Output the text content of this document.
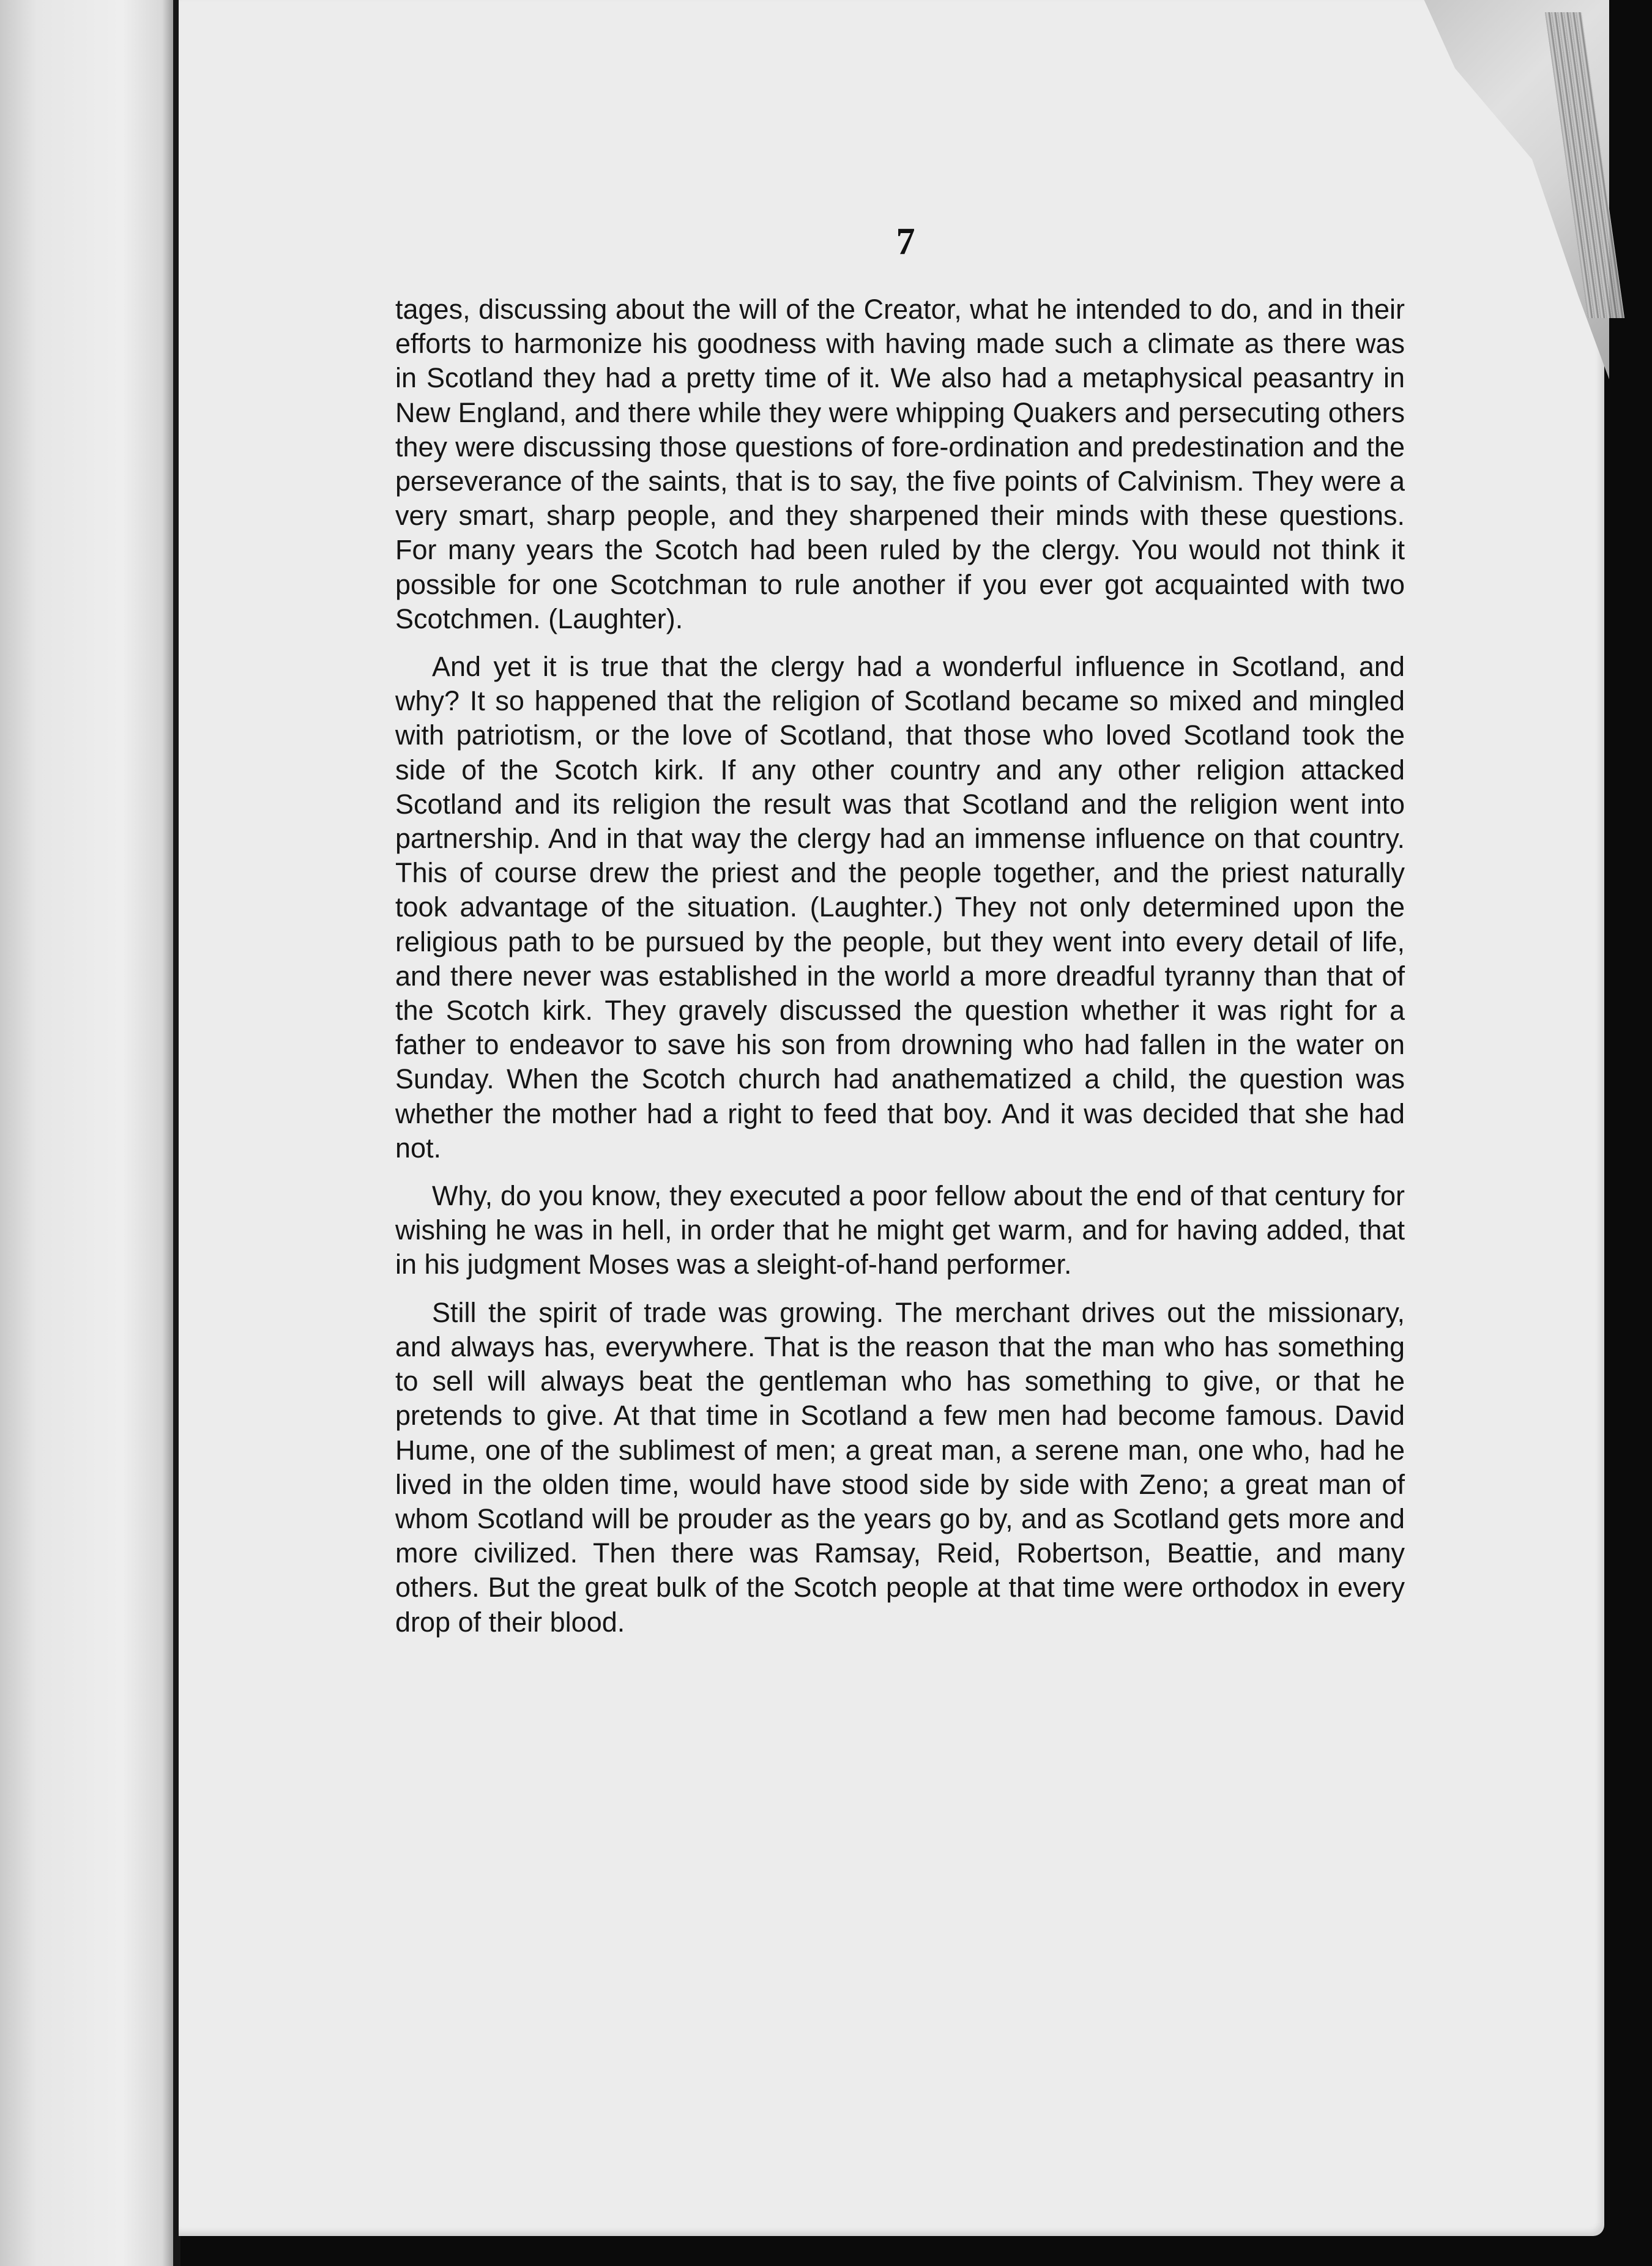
7

tages, discussing about the will of the Creator, what he intended to do, and in their efforts to harmonize his goodness with having made such a climate as there was in Scotland they had a pretty time of it. We also had a metaphysical peasantry in New England, and there while they were whipping Quakers and persecuting others they were discussing those questions of fore-ordination and predestination and the perseverance of the saints, that is to say, the five points of Calvinism. They were a very smart, sharp people, and they sharpened their minds with these questions. For many years the Scotch had been ruled by the clergy. You would not think it possible for one Scotchman to rule another if you ever got acquainted with two Scotchmen. (Laughter).

And yet it is true that the clergy had a wonderful influence in Scotland, and why? It so happened that the religion of Scotland became so mixed and mingled with patriotism, or the love of Scotland, that those who loved Scotland took the side of the Scotch kirk. If any other country and any other religion attacked Scotland and its religion the result was that Scotland and the religion went into partnership. And in that way the clergy had an immense influence on that country. This of course drew the priest and the people together, and the priest naturally took advantage of the situation. (Laughter.) They not only determined upon the religious path to be pursued by the people, but they went into every detail of life, and there never was established in the world a more dreadful tyranny than that of the Scotch kirk. They gravely discussed the question whether it was right for a father to endeavor to save his son from drowning who had fallen in the water on Sunday. When the Scotch church had anathematized a child, the question was whether the mother had a right to feed that boy. And it was decided that she had not.

Why, do you know, they executed a poor fellow about the end of that century for wishing he was in hell, in order that he might get warm, and for having added, that in his judgment Moses was a sleight-of-hand performer.

Still the spirit of trade was growing. The merchant drives out the missionary, and always has, everywhere. That is the reason that the man who has something to sell will always beat the gentleman who has something to give, or that he pretends to give. At that time in Scotland a few men had become famous. David Hume, one of the sublimest of men; a great man, a serene man, one who, had he lived in the olden time, would have stood side by side with Zeno; a great man of whom Scotland will be prouder as the years go by, and as Scotland gets more and more civilized. Then there was Ramsay, Reid, Robertson, Beattie, and many others. But the great bulk of the Scotch people at that time were orthodox in every drop of their blood.
